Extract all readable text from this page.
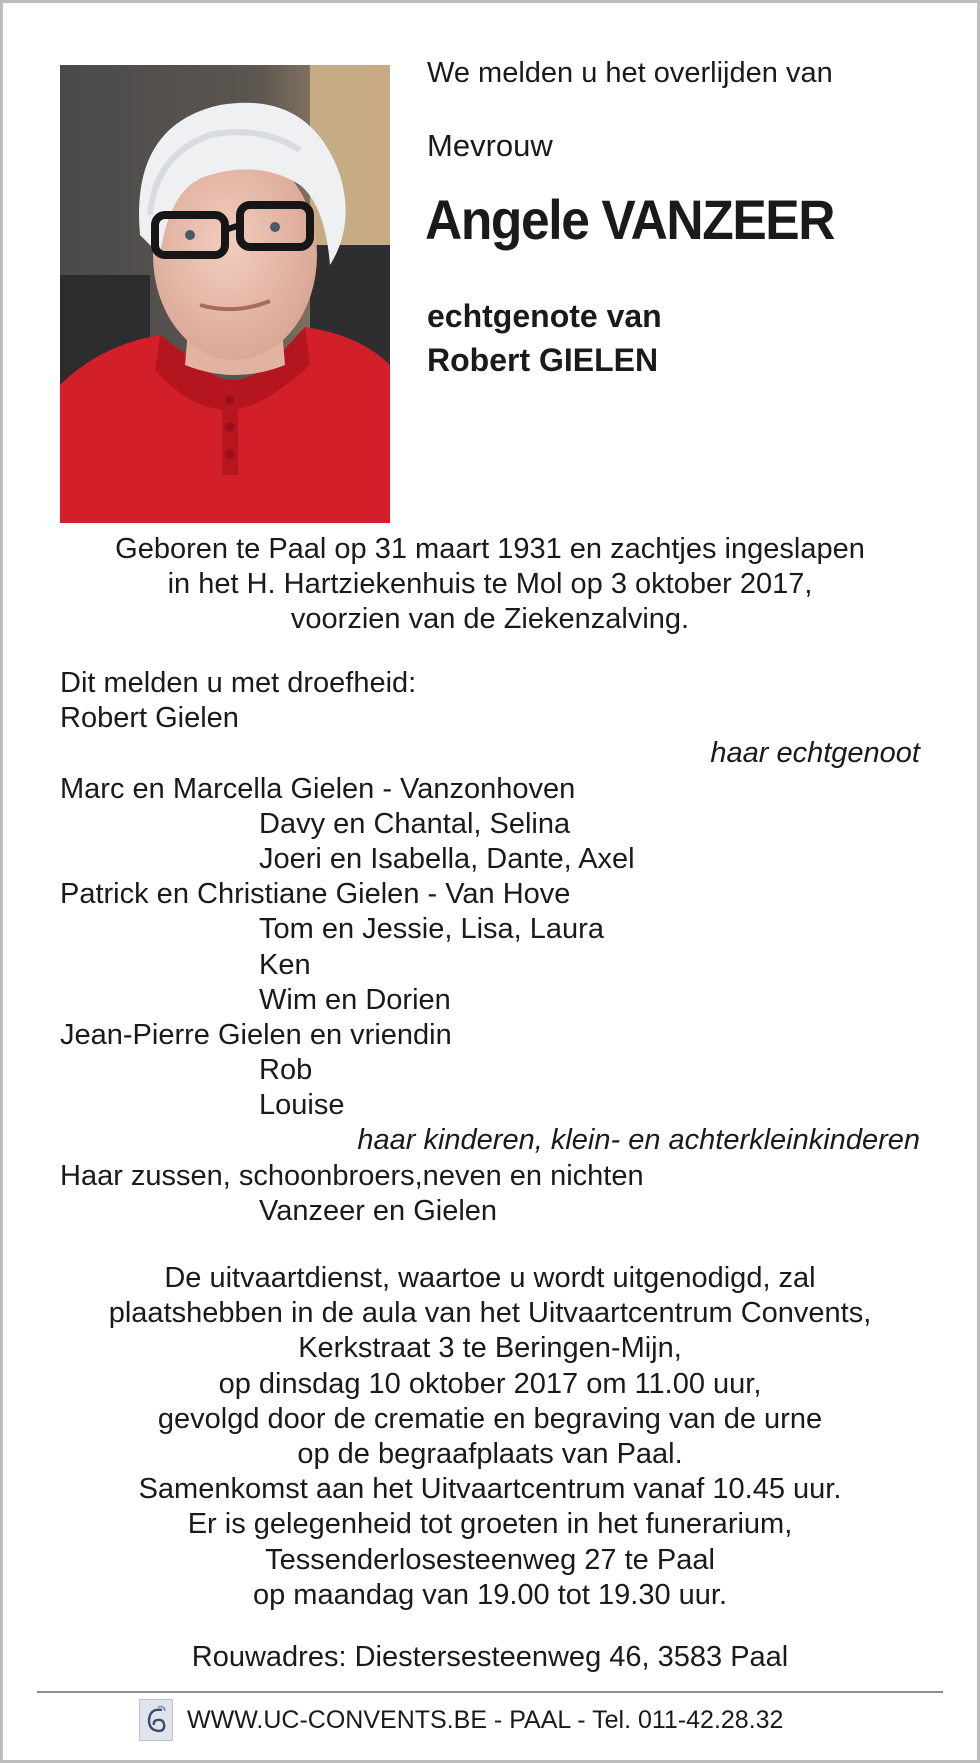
We melden u het overlijden van
Mevrouw
Angele VANZEER
echtgenote van
Robert GIELEN
Geboren te Paal op 31 maart 1931 en zachtjes ingeslapen
in het H. Hartziekenhuis te Mol op 3 oktober 2017,
voorzien van de Ziekenzalving.
Dit melden u met droefheid:
Robert Gielen
haar echtgenoot
Marc en Marcella Gielen - Vanzonhoven
Davy en Chantal, Selina
Joeri en Isabella, Dante, Axel
Patrick en Christiane Gielen - Van Hove
Tom en Jessie, Lisa, Laura
Ken
Wim en Dorien
Jean-Pierre Gielen en vriendin
Rob
Louise
haar kinderen, klein- en achterkleinkinderen
Haar zussen, schoonbroers,neven en nichten
Vanzeer en Gielen
De uitvaartdienst, waartoe u wordt uitgenodigd, zal
plaatshebben in de aula van het Uitvaartcentrum Convents,
Kerkstraat 3 te Beringen-Mijn,
op dinsdag 10 oktober 2017 om 11.00 uur,
gevolgd door de crematie en begraving van de urne
op de begraafplaats van Paal.
Samenkomst aan het Uitvaartcentrum vanaf 10.45 uur.
Er is gelegenheid tot groeten in het funerarium,
Tessenderlosesteenweg 27 te Paal
op maandag van 19.00 tot 19.30 uur.
Rouwadres: Diestersesteenweg 46, 3583 Paal
WWW.UC-CONVENTS.BE - PAAL - Tel. 011-42.28.32
